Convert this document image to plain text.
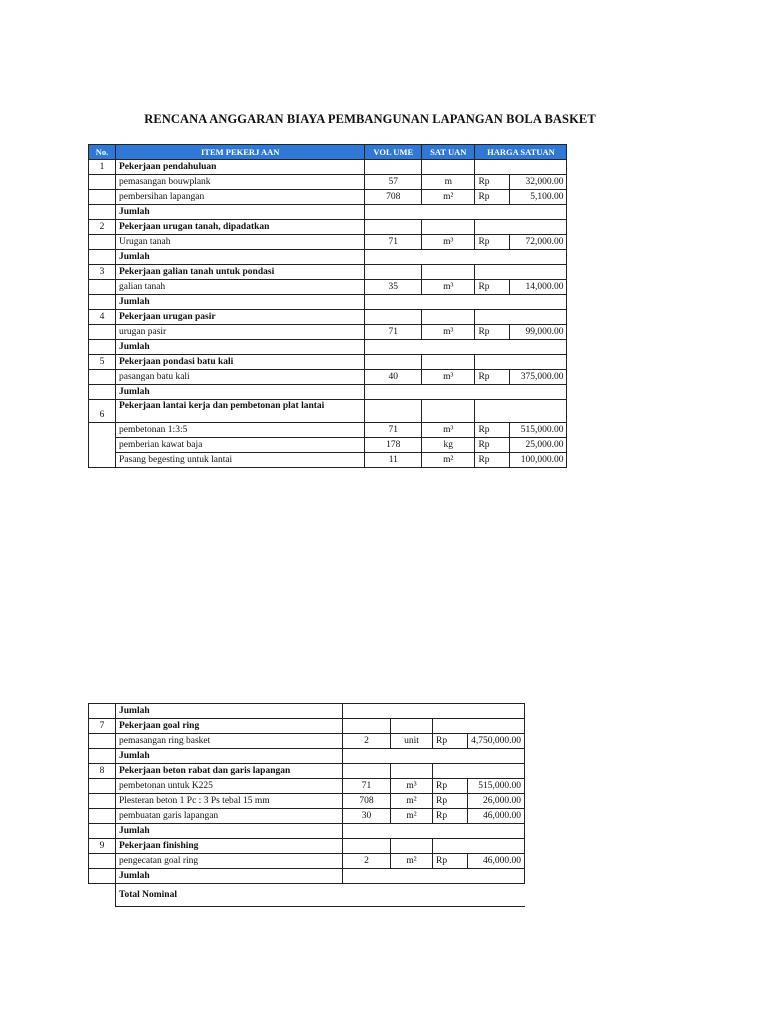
RENCANA ANGGARAN BIAYA PEMBANGUNAN LAPANGAN BOLA BASKET
No.	ITEM PEKERJ AAN	VOL UME	SAT UAN	HARGA SATUAN	
1	Pekerjaan pendahuluan				
	pemasangan bouwplank	57	m	Rp	32,000.00
	pembersihan lapangan	708	m²	Rp	5,100.00
	Jumlah				
2	Pekerjaan urugan tanah, dipadatkan				
	Urugan tanah	71	m³	Rp	72,000.00
	Jumlah				
3	Pekerjaan galian tanah untuk pondasi				
	galian tanah	35	m³	Rp	14,000.00
	Jumlah				
4	Pekerjaan urugan pasir				
	urugan pasir	71	m³	Rp	99,000.00
	Jumlah				
5	Pekerjaan pondasi batu kali				
	pasangan batu kali	40	m³	Rp	375,000.00
	Jumlah				
6	Pekerjaan lantai kerja dan pembetonan plat lantai				
	pembetonan 1:3:5	71	m³	Rp	515,000.00
	pemberian kawat baja	178	kg	Rp	25,000.00
	Pasang begesting untuk lantai	11	m²	Rp	100,000.00
	Jumlah				
7	Pekerjaan goal ring				
	pemasangan ring basket	2	unit	Rp	4,750,000.00
	Jumlah				
8	Pekerjaan beton rabat dan garis lapangan				
	pembetonan untuk K225	71	m³	Rp	515,000.00
	Plesteran beton 1 Pc : 3 Ps tebal 15 mm	708	m²	Rp	26,000.00
	pembuatan garis lapangan	30	m²	Rp	46,000.00
	Jumlah				
9	Pekerjaan finishing				
	pengecatan goal ring	2	m²	Rp	46,000.00
	Jumlah				
	Total Nominal				
